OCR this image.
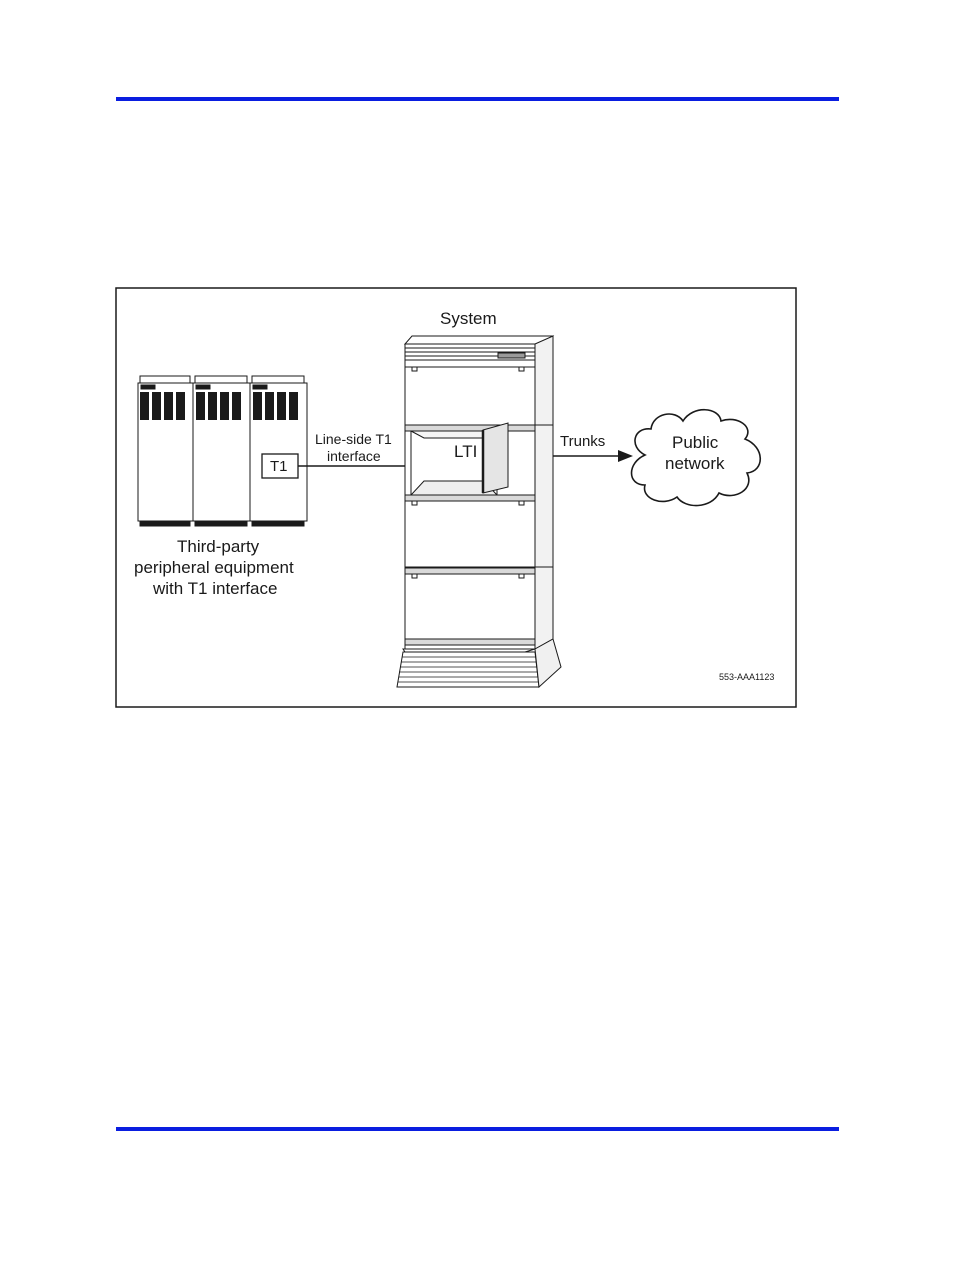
System
LTI
Trunks
Line-side T1
interface
T1
Public
network
Third-party
peripheral equipment
with T1 interface
553-AAA1123
